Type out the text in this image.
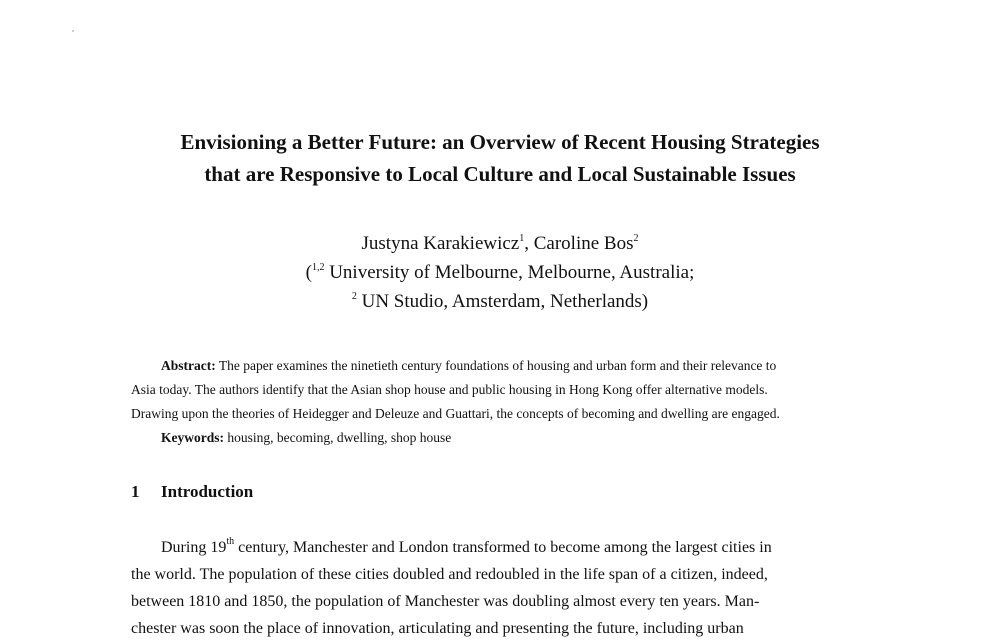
Envisioning a Better Future: an Overview of Recent Housing Strategies
that are Responsive to Local Culture and Local Sustainable Issues
Justyna Karakiewicz$^1$, Caroline Bos$^2$
($^{1,2}$ University of Melbourne, Melbourne, Australia;
$^2$ UN Studio, Amsterdam, Netherlands)
Abstract: The paper examines the ninetieth century foundations of housing and urban form and their relevance to
Asia today. The authors identify that the Asian shop house and public housing in Hong Kong offer alternative models.
Drawing upon the theories of Heidegger and Deleuze and Guattari, the concepts of becoming and dwelling are engaged.
Keywords: housing, becoming, dwelling, shop house
1 Introduction
During 19th century, Manchester and London transformed to become among the largest cities in
the world. The population of these cities doubled and redoubled in the life span of a citizen, indeed,
between 1810 and 1850, the population of Manchester was doubling almost every ten years. Man-
chester was soon the place of innovation, articulating and presenting the future, including urban
